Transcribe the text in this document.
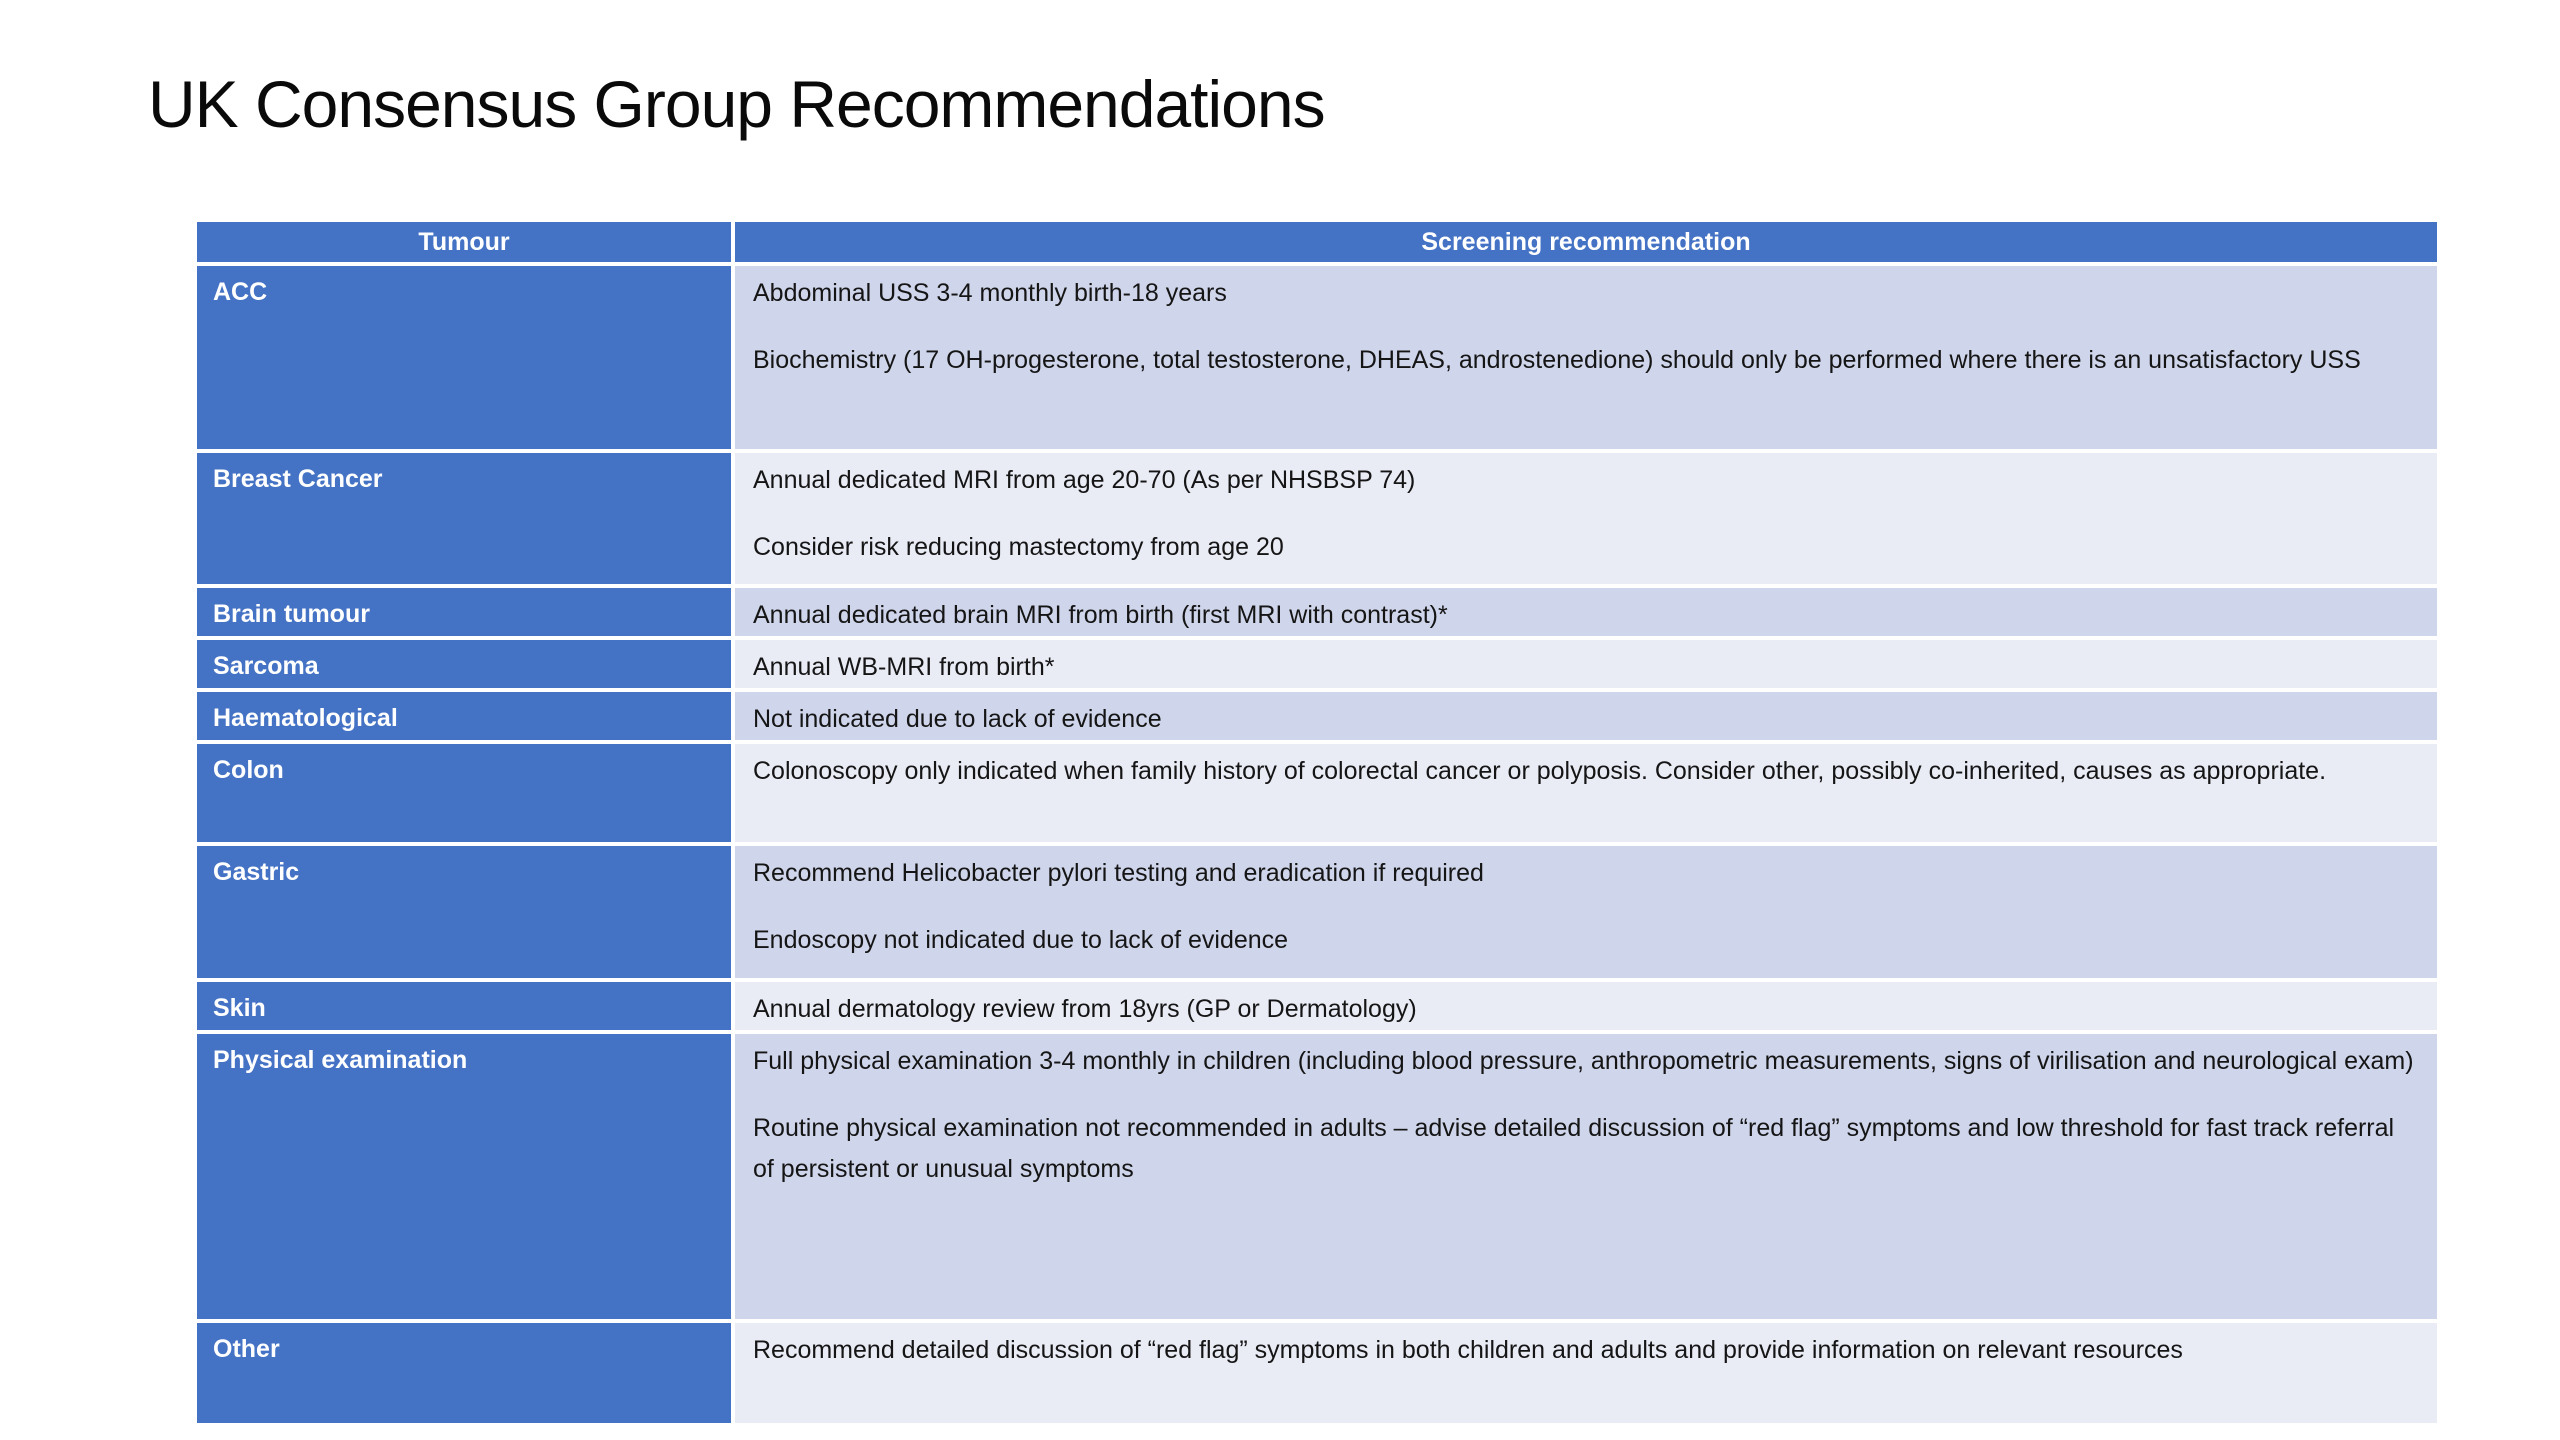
UK Consensus Group Recommendations
Tumour	Screening recommendation
ACC	Abdominal USS 3-4 monthly birth-18 years

Biochemistry (17 OH-progesterone, total testosterone, DHEAS, androstenedione) should only be performed where there is an unsatisfactory USS

Breast Cancer	Annual dedicated MRI from age 20-70 (As per NHSBSP 74)

Consider risk reducing mastectomy from age 20

Brain tumour	Annual dedicated brain MRI from birth (first MRI with contrast)*

Sarcoma	Annual WB-MRI from birth*

Haematological	Not indicated due to lack of evidence

Colon	Colonoscopy only indicated when family history of colorectal cancer or polyposis. Consider other, possibly co-inherited, causes as appropriate.

Gastric	Recommend Helicobacter pylori testing and eradication if required

Endoscopy not indicated due to lack of evidence

Skin	Annual dermatology review from 18yrs (GP or Dermatology)

Physical examination	Full physical examination 3-4 monthly in children (including blood pressure, anthropometric measurements, signs of virilisation and neurological exam)

Routine physical examination not recommended in adults – advise detailed discussion of “red flag” symptoms and low threshold for fast track referral of persistent or unusual symptoms

Other	Recommend detailed discussion of “red flag” symptoms in both children and adults and provide information on relevant resources
